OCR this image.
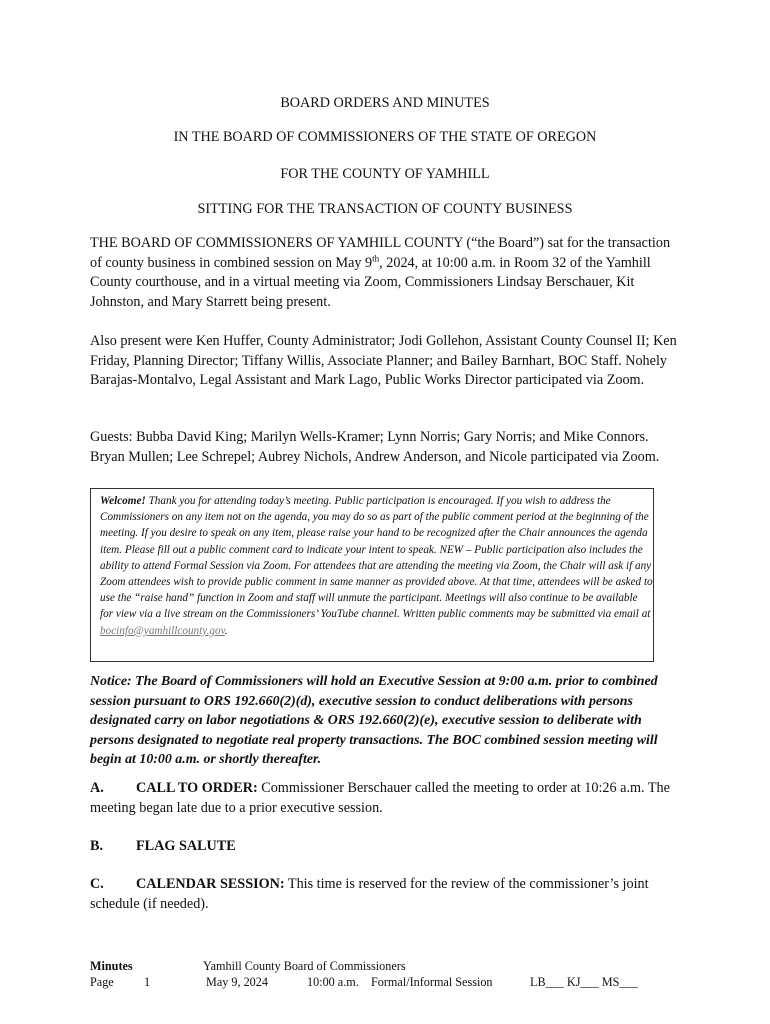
BOARD ORDERS AND MINUTES
IN THE BOARD OF COMMISSIONERS OF THE STATE OF OREGON
FOR THE COUNTY OF YAMHILL
SITTING FOR THE TRANSACTION OF COUNTY BUSINESS

THE BOARD OF COMMISSIONERS OF YAMHILL COUNTY (“the Board”) sat for the transaction of county business in combined session on May 9th, 2024, at 10:00 a.m. in Room 32 of the Yamhill County courthouse, and in a virtual meeting via Zoom, Commissioners Lindsay Berschauer, Kit Johnston, and Mary Starrett being present.

Also present were Ken Huffer, County Administrator; Jodi Gollehon, Assistant County Counsel II; Ken Friday, Planning Director; Tiffany Willis, Associate Planner; and Bailey Barnhart, BOC Staff. Nohely Barajas-Montalvo, Legal Assistant and Mark Lago, Public Works Director participated via Zoom.

Guests: Bubba David King; Marilyn Wells-Kramer; Lynn Norris; Gary Norris; and Mike Connors. Bryan Mullen; Lee Schrepel; Aubrey Nichols, Andrew Anderson, and Nicole participated via Zoom.

Welcome! Thank you for attending today’s meeting. Public participation is encouraged. If you wish to address the Commissioners on any item not on the agenda, you may do so as part of the public comment period at the beginning of the meeting. If you desire to speak on any item, please raise your hand to be recognized after the Chair announces the agenda item. Please fill out a public comment card to indicate your intent to speak. NEW – Public participation also includes the ability to attend Formal Session via Zoom. For attendees that are attending the meeting via Zoom, the Chair will ask if any Zoom attendees wish to provide public comment in same manner as provided above. At that time, attendees will be asked to use the “raise hand” function in Zoom and staff will unmute the participant. Meetings will also continue to be available for view via a live stream on the Commissioners’ YouTube channel. Written public comments may be submitted via email at bocinfo@yamhillcounty.gov.
Notice: The Board of Commissioners will hold an Executive Session at 9:00 a.m. prior to combined session pursuant to ORS 192.660(2)(d), executive session to conduct deliberations with persons designated carry on labor negotiations & ORS 192.660(2)(e), executive session to deliberate with persons designated to negotiate real property transactions. The BOC combined session meeting will begin at 10:00 a.m. or shortly thereafter.
A. CALL TO ORDER: Commissioner Berschauer called the meeting to order at 10:26 a.m. The meeting began late due to a prior executive session.
B. FLAG SALUTE
C. CALENDAR SESSION: This time is reserved for the review of the commissioner’s joint schedule (if needed).
Minutes
Page 1
Yamhill County Board of Commissioners
May 9, 2024	10:00 a.m. Formal/Informal Session	LB___ KJ___ MS___
